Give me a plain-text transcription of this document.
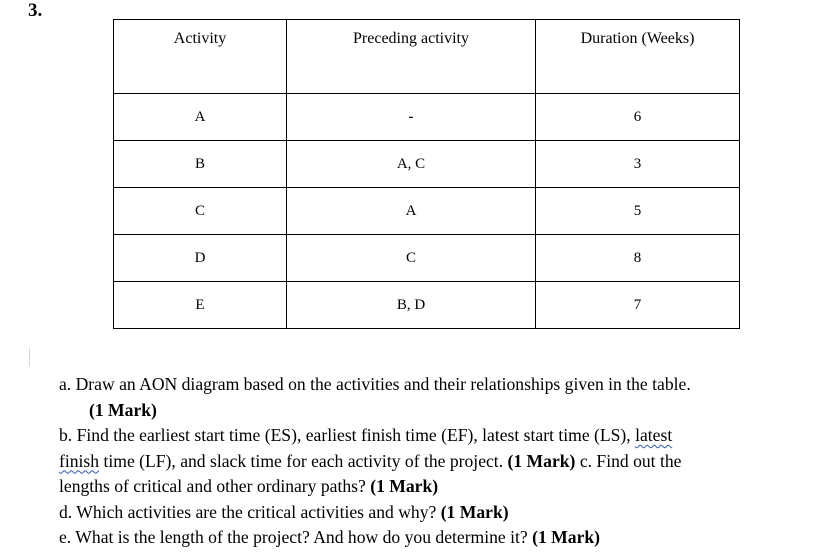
3.
Activity	Preceding activity	Duration (Weeks)
A	-	6
B	A, C	3
C	A	5
D	C	8
E	B, D	7

a. Draw an AON diagram based on the activities and their relationships given in the table.

(1 Mark)

b. Find the earliest start time (ES), earliest finish time (EF), latest start time (LS), latest
finish time (LF), and slack time for each activity of the project. (1 Mark) c. Find out the
lengths of critical and other ordinary paths? (1 Mark)

d. Which activities are the critical activities and why? (1 Mark)

e. What is the length of the project? And how do you determine it? (1 Mark)
